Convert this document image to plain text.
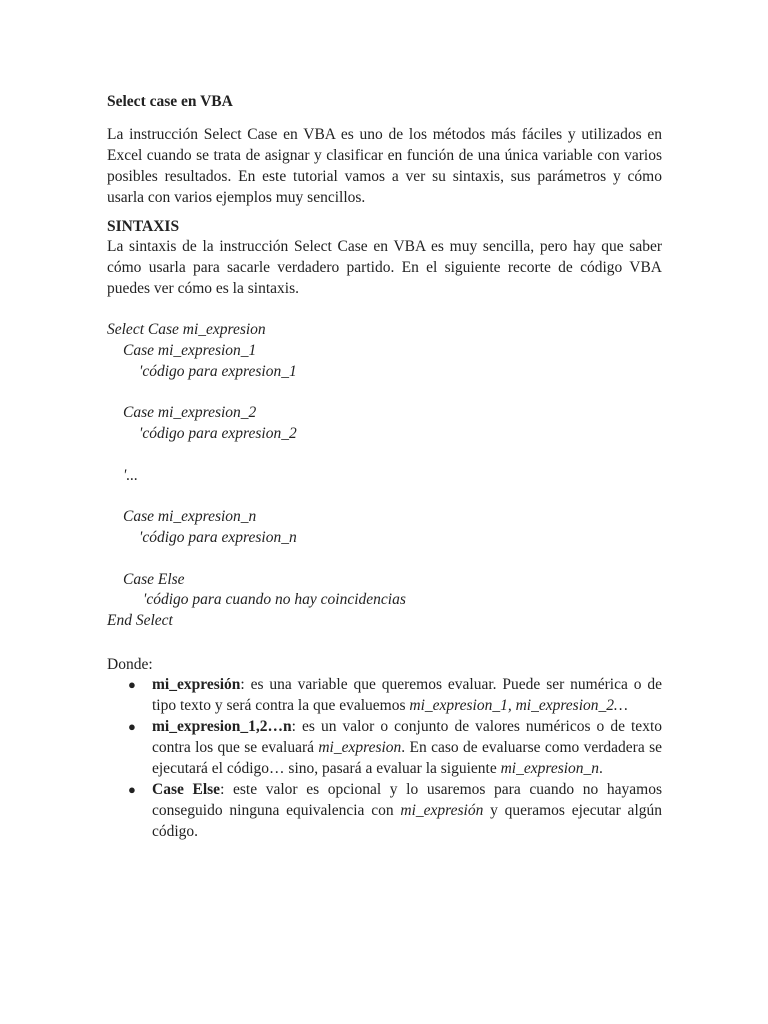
Select case en VBA

La instrucción Select Case en VBA es uno de los métodos más fáciles y utilizados en Excel cuando se trata de asignar y clasificar en función de una única variable con varios posibles resultados. En este tutorial vamos a ver su sintaxis, sus parámetros y cómo usarla con varios ejemplos muy sencillos.

SINTAXIS

La sintaxis de la instrucción Select Case en VBA es muy sencilla, pero hay que saber cómo usarla para sacarle verdadero partido. En el siguiente recorte de código VBA puedes ver cómo es la sintaxis.

Select Case mi_expresion
Case mi_expresion_1
'código para expresion_1
Case mi_expresion_2
'código para expresion_2
'...
Case mi_expresion_n
'código para expresion_n
Case Else
'código para cuando no hay coincidencias
End Select

Donde:

● mi_expresión: es una variable que queremos evaluar. Puede ser numérica o de tipo texto y será contra la que evaluemos mi_expresion_1, mi_expresion_2…
● mi_expresion_1,2…n: es un valor o conjunto de valores numéricos o de texto contra los que se evaluará mi_expresion. En caso de evaluarse como verdadera se ejecutará el código… sino, pasará a evaluar la siguiente mi_expresion_n.
● Case Else: este valor es opcional y lo usaremos para cuando no hayamos conseguido ninguna equivalencia con mi_expresión y queramos ejecutar algún código.
